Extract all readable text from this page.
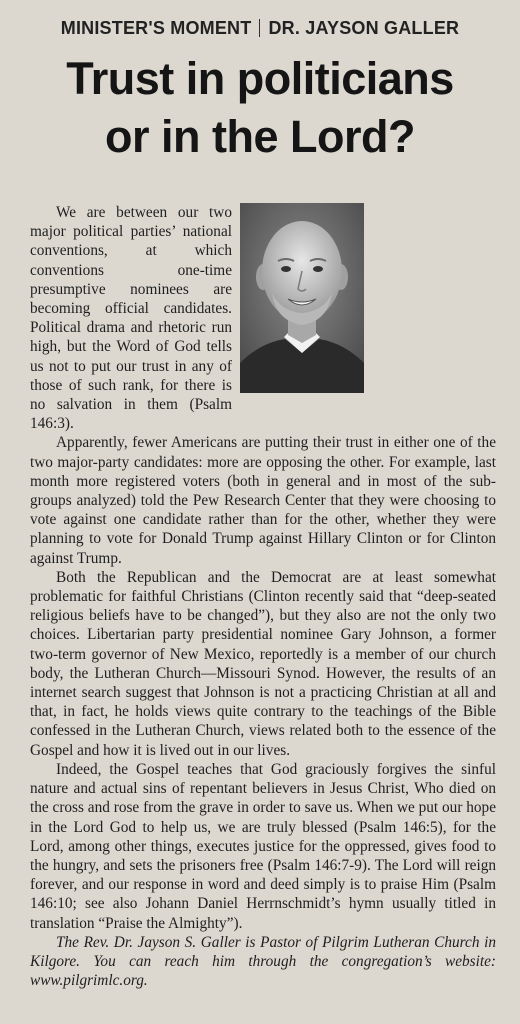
MINISTER'S MOMENT DR. JAYSON GALLER
Trust in politicians
or in the Lord?

We are between our two major political parties’ national conventions, at which conventions one-time presumptive nominees are becoming official candidates. Political drama and rhetoric run high, but the Word of God tells us not to put our trust in any of those of such rank, for there is no salvation in them (Psalm 146:3).

Apparently, fewer Americans are putting their trust in either one of the two major-party candidates: more are opposing the other. For example, last month more registered voters (both in general and in most of the sub-groups analyzed) told the Pew Research Center that they were choosing to vote against one candidate rather than for the other, whether they were planning to vote for Donald Trump against Hillary Clinton or for Clinton against Trump.

Both the Republican and the Democrat are at least somewhat problematic for faithful Christians (Clinton recently said that “deep-seated religious beliefs have to be changed”), but they also are not the only two choices. Libertarian party presidential nominee Gary Johnson, a former two-term governor of New Mexico, reportedly is a member of our church body, the Lutheran Church—Missouri Synod. However, the results of an internet search suggest that Johnson is not a practicing Christian at all and that, in fact, he holds views quite contrary to the teachings of the Bible confessed in the Lutheran Church, views related both to the essence of the Gospel and how it is lived out in our lives.

Indeed, the Gospel teaches that God graciously forgives the sinful nature and actual sins of repentant believers in Jesus Christ, Who died on the cross and rose from the grave in order to save us. When we put our hope in the Lord God to help us, we are truly blessed (Psalm 146:5), for the Lord, among other things, executes justice for the oppressed, gives food to the hungry, and sets the prisoners free (Psalm 146:7-9). The Lord will reign forever, and our response in word and deed simply is to praise Him (Psalm 146:10; see also Johann Daniel Herrnschmidt’s hymn usually titled in translation “Praise the Almighty”).

The Rev. Dr. Jayson S. Galler is Pastor of Pilgrim Lutheran Church in Kilgore. You can reach him through the congregation’s website: www.pilgrimlc.org.
